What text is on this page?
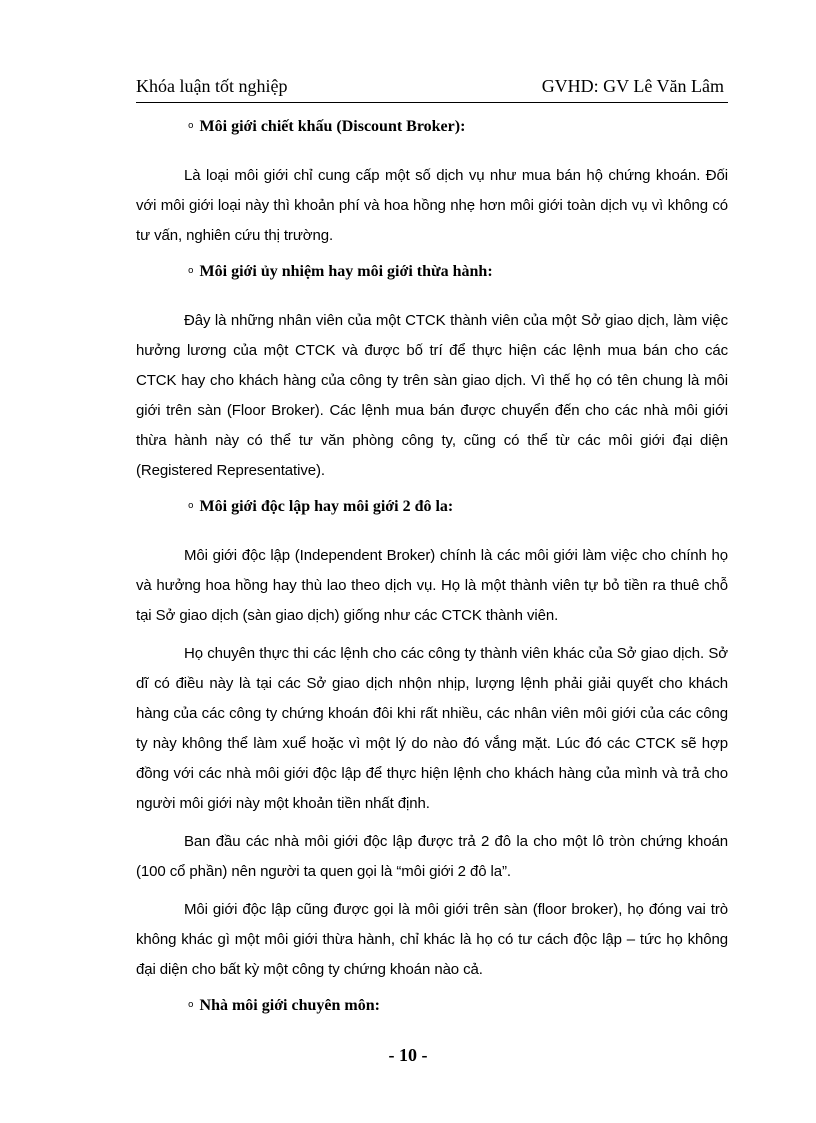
Khóa luận tốt nghiệp	GVHD: GV Lê Văn Lâm
o Môi giới chiết khấu (Discount Broker):

Là loại môi giới chỉ cung cấp một số dịch vụ như mua bán hộ chứng khoán. Đối với môi giới loại này thì khoản phí và hoa hồng nhẹ hơn môi giới toàn dịch vụ vì không có tư vấn, nghiên cứu thị trường.

o Môi giới ủy nhiệm hay môi giới thừa hành:

Đây là những nhân viên của một CTCK thành viên của một Sở giao dịch, làm việc hưởng lương của một CTCK và được bố trí để thực hiện các lệnh mua bán cho các CTCK hay cho khách hàng của công ty trên sàn giao dịch. Vì thế họ có tên chung là môi giới trên sàn (Floor Broker). Các lệnh mua bán được chuyển đến cho các nhà môi giới thừa hành này có thể tư văn phòng công ty, cũng có thể từ các môi giới đại diện (Registered Representative).

o Môi giới độc lập hay môi giới 2 đô la:

Môi giới độc lập (Independent Broker) chính là các môi giới làm việc cho chính họ và hưởng hoa hồng hay thù lao theo dịch vụ. Họ là một thành viên tự bỏ tiền ra thuê chỗ tại Sở giao dịch (sàn giao dịch) giống như các CTCK thành viên.

Họ chuyên thực thi các lệnh cho các công ty thành viên khác của Sở giao dịch. Sở dĩ có điều này là tại các Sở giao dịch nhộn nhịp, lượng lệnh phải giải quyết cho khách hàng của các công ty chứng khoán đôi khi rất nhiều, các nhân viên môi giới của các công ty này không thể làm xuể hoặc vì một lý do nào đó vắng mặt. Lúc đó các CTCK sẽ hợp đồng với các nhà môi giới độc lập để thực hiện lệnh cho khách hàng của mình và trả cho người môi giới này một khoản tiền nhất định.

Ban đầu các nhà môi giới độc lập được trả 2 đô la cho một lô tròn chứng khoán (100 cổ phần) nên người ta quen gọi là “môi giới 2 đô la”.

Môi giới độc lập cũng được gọi là môi giới trên sàn (floor broker), họ đóng vai trò không khác gì một môi giới thừa hành, chỉ khác là họ có tư cách độc lập – tức họ không đại diện cho bất kỳ một công ty chứng khoán nào cả.

o Nhà môi giới chuyên môn:
- 10 -
